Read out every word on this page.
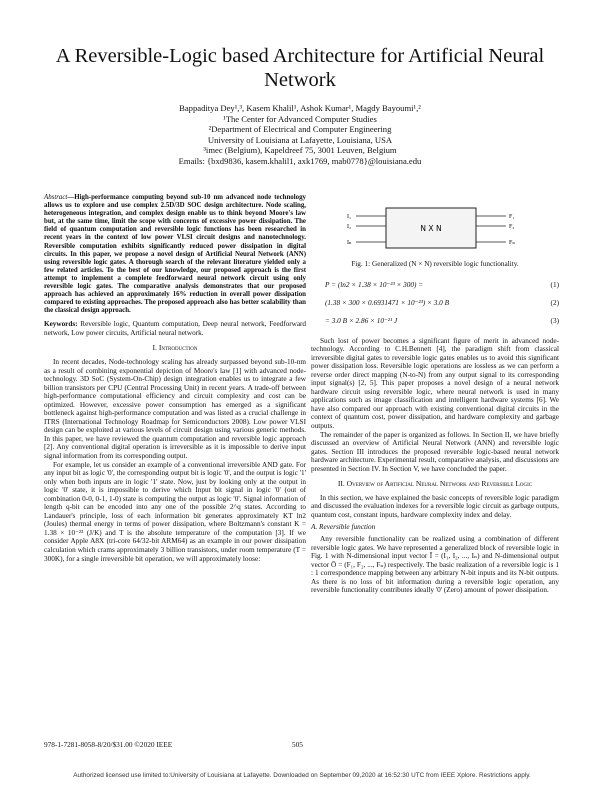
A Reversible-Logic based Architecture for Artificial Neural Network
Bappaditya Dey¹,³, Kasem Khalil¹, Ashok Kumar¹, Magdy Bayoumi¹,²
¹The Center for Advanced Computer Studies
²Department of Electrical and Computer Engineering
University of Louisiana at Lafayette, Louisiana, USA
³imec (Belgium), Kapeldreef 75, 3001 Leuven, Belgium
Emails: {bxd9836, kasem.khalil1, axk1769, mab0778}@louisiana.edu

Abstract—High-performance computing beyond sub-10 nm advanced node technology allows us to explore and use complex 2.5D/3D SOC design architecture. Node scaling, heterogeneous integration, and complex design enable us to think beyond Moore's law but, at the same time, limit the scope with concerns of excessive power dissipation. The field of quantum computation and reversible logic functions has been researched in recent years in the context of low power VLSI circuit designs and nanotechnology. Reversible computation exhibits significantly reduced power dissipation in digital circuits. In this paper, we propose a novel design of Artificial Neural Network (ANN) using reversible logic gates. A thorough search of the relevant literature yielded only a few related articles. To the best of our knowledge, our proposed approach is the first attempt to implement a complete feedforward neural network circuit using only reversible logic gates. The comparative analysis demonstrates that our proposed approach has achieved an approximately 16% reduction in overall power dissipation compared to existing approaches. The proposed approach also has better scalability than the classical design approach.

Keywords: Reversible logic, Quantum computation, Deep neural network, Feedforward network, Low power circuits, Artificial neural network.

I. Introduction

In recent decades, Node-technology scaling has already surpassed beyond sub-10-nm as a result of combining exponential depiction of Moore's law [1] with advanced node-technology. 3D SoC (System-On-Chip) design integration enables us to integrate a few billion transistors per CPU (Central Processing Unit) in recent years. A trade-off between high-performance computational efficiency and circuit complexity and cost can be optimized. However, excessive power consumption has emerged as a significant bottleneck against high-performance computation and was listed as a crucial challenge in ITRS (International Technology Roadmap for Semiconductors 2008). Low power VLSI design can be exploited at various levels of circuit design using various generic methods. In this paper, we have reviewed the quantum computation and reversible logic approach [2]. Any conventional digital operation is irreversible as it is impossible to derive input signal information from its corresponding output.

For example, let us consider an example of a conventional irreversible AND gate. For any input bit as logic '0', the corresponding output bit is logic '0', and the output is logic '1' only when both inputs are in logic '1' state. Now, just by looking only at the output in logic '0' state, it is impossible to derive which Input bit signal in logic '0' (out of combination 0-0, 0-1, 1-0) state is computing the output as logic '0'. Signal information of length q-bit can be encoded into any one of the possible 2^q states. According to Landauer's principle, loss of each information bit generates approximately KT ln2 (Joules) thermal energy in terms of power dissipation, where Boltzmann's constant K = 1.38 × 10⁻²³ (J/K) and T is the absolute temperature of the computation [3]. If we consider Apple A8X (tri-core 64/32-bit ARM64) as an example in our power dissipation calculation which crams approximately 3 billion transistors, under room temperature (T = 300K), for a single irreversible bit operation, we will approximately loose:

N X N
I₁
I₂
Iₙ
F₁
F₂
Fₙ

Fig. 1: Generalized (N × N) reversible logic functionality.

P = (ln2 × 1.38 × 10⁻²³ × 300) =	(1)
(1.38 × 300 × 0.6931471 × 10⁻²³) × 3.0 B	(2)
= 3.0 B × 2.86 × 10⁻²¹ J	(3)

Such lost of power becomes a significant figure of merit in advanced node-technology. According to C.H.Bennett [4], the paradigm shift from classical irreversible digital gates to reversible logic gates enables us to avoid this significant power dissipation loss. Reversible logic operations are lossless as we can perform a reverse order direct mapping (N-to-N) from any output signal to its corresponding input signal(s) [2, 5]. This paper proposes a novel design of a neural network hardware circuit using reversible logic, where neural network is used in many applications such as image classification and intelligent hardware systems [6]. We have also compared our approach with existing conventional digital circuits in the context of quantum cost, power dissipation, and hardware complexity and garbage outputs.

The remainder of the paper is organized as follows. In Section II, we have briefly discussed an overview of Artificial Neural Network (ANN) and reversible logic gates. Section III introduces the proposed reversible logic-based neural network hardware architecture. Experimental result, comparative analysis, and discussions are presented in Section IV. In Section V, we have concluded the paper.

II. Overview of Artificial Neural Network and Reversible Logic

In this section, we have explained the basic concepts of reversible logic paradigm and discussed the evaluation indexes for a reversible logic circuit as garbage outputs, quantum cost, constant inputs, hardware complexity index and delay.

A. Reversible function

Any reversible functionality can be realized using a combination of different reversible logic gates. We have represented a generalized block of reversible logic in Fig. 1 with N-dimensional input vector Ī = (I₁, I₂, ..., Iₙ) and N-dimensional output vector Ō = (F₁, F₂, ..., Fₙ) respectively. The basic realization of a reversible logic is 1 : 1 correspondence mapping between any arbitrary N-bit inputs and its N-bit outputs. As there is no loss of bit information during a reversible logic operation, any reversible functionality contributes ideally '0' (Zero) amount of power dissipation.

978-1-7281-8058-8/20/$31.00 ©2020 IEEE	505
Authorized licensed use limited to:University of Louisiana at Lafayette. Downloaded on September 09,2020 at 16:52:30 UTC from IEEE Xplore. Restrictions apply.
